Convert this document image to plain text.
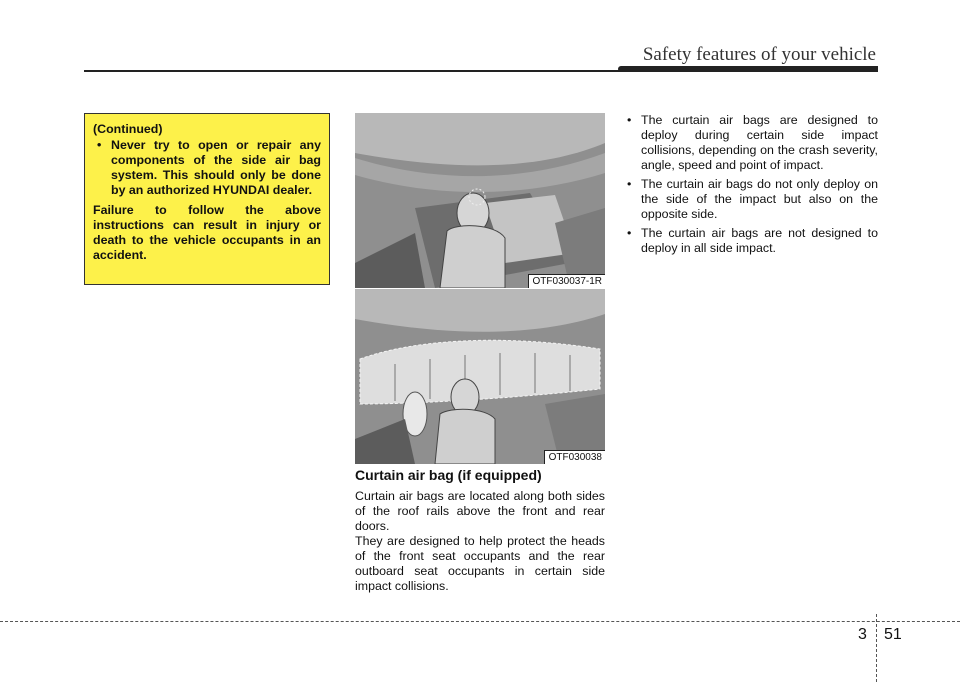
Safety features of your vehicle
(Continued)
• Never try to open or repair any components of the side air bag system. This should only be done by an authorized HYUNDAI dealer.
Failure to follow the above instructions can result in injury or death to the vehicle occupants in an accident.
OTF030037-1R
OTF030038
Curtain air bag (if equipped)

Curtain air bags are located along both sides of the roof rails above the front and rear doors.

They are designed to help protect the heads of the front seat occupants and the rear outboard seat occupants in certain side impact collisions.

• The curtain air bags are designed to deploy during certain side impact collisions, depending on the crash severity, angle, speed and point of impact.
• The curtain air bags do not only deploy on the side of the impact but also on the opposite side.
• The curtain air bags are not designed to deploy in all side impact.
3 51
